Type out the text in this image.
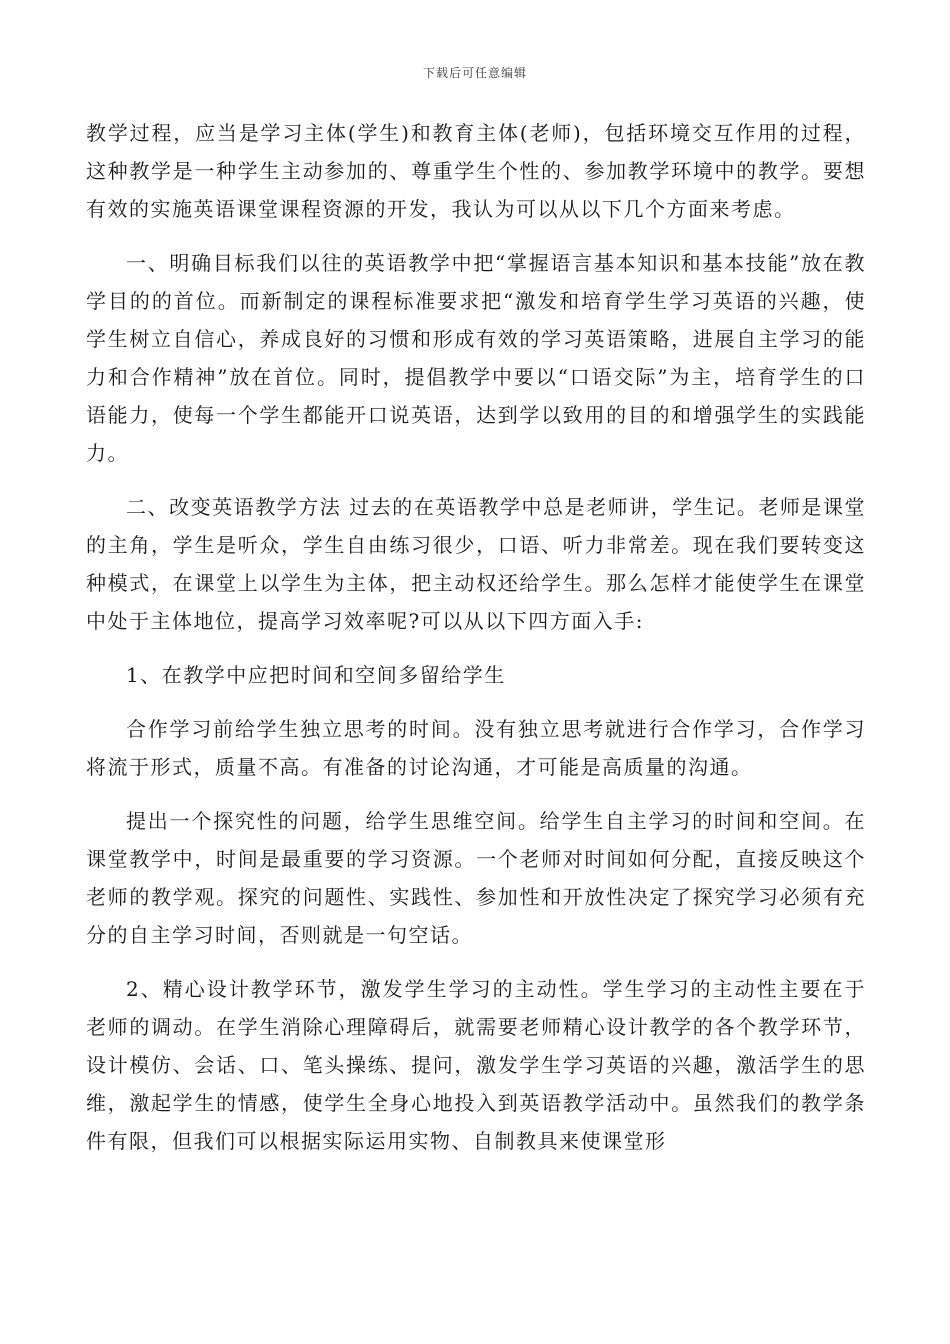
下载后可任意编辑

教学过程，应当是学习主体(学生)和教育主体(老师)，包括环境交互作用的过程，这种教学是一种学生主动参加的、尊重学生个性的、参加教学环境中的教学。要想有效的实施英语课堂课程资源的开发，我认为可以从以下几个方面来考虑。

一、明确目标我们以往的英语教学中把“掌握语言基本知识和基本技能”放在教学目的的首位。而新制定的课程标准要求把“激发和培育学生学习英语的兴趣，使学生树立自信心，养成良好的习惯和形成有效的学习英语策略，进展自主学习的能力和合作精神”放在首位。同时，提倡教学中要以“口语交际”为主，培育学生的口语能力，使每一个学生都能开口说英语，达到学以致用的目的和增强学生的实践能力。

二、改变英语教学方法 过去的在英语教学中总是老师讲，学生记。老师是课堂的主角，学生是听众，学生自由练习很少，口语、听力非常差。现在我们要转变这种模式，在课堂上以学生为主体，把主动权还给学生。那么怎样才能使学生在课堂中处于主体地位，提高学习效率呢?可以从以下四方面入手:

1、在教学中应把时间和空间多留给学生

合作学习前给学生独立思考的时间。没有独立思考就进行合作学习，合作学习将流于形式，质量不高。有准备的讨论沟通，才可能是高质量的沟通。

提出一个探究性的问题，给学生思维空间。给学生自主学习的时间和空间。在课堂教学中，时间是最重要的学习资源。一个老师对时间如何分配，直接反映这个老师的教学观。探究的问题性、实践性、参加性和开放性决定了探究学习必须有充分的自主学习时间，否则就是一句空话。

2、精心设计教学环节，激发学生学习的主动性。学生学习的主动性主要在于老师的调动。在学生消除心理障碍后，就需要老师精心设计教学的各个教学环节，设计模仿、会话、口、笔头操练、提问，激发学生学习英语的兴趣，激活学生的思维，激起学生的情感，使学生全身心地投入到英语教学活动中。虽然我们的教学条件有限，但我们可以根据实际运用实物、自制教具来使课堂形
